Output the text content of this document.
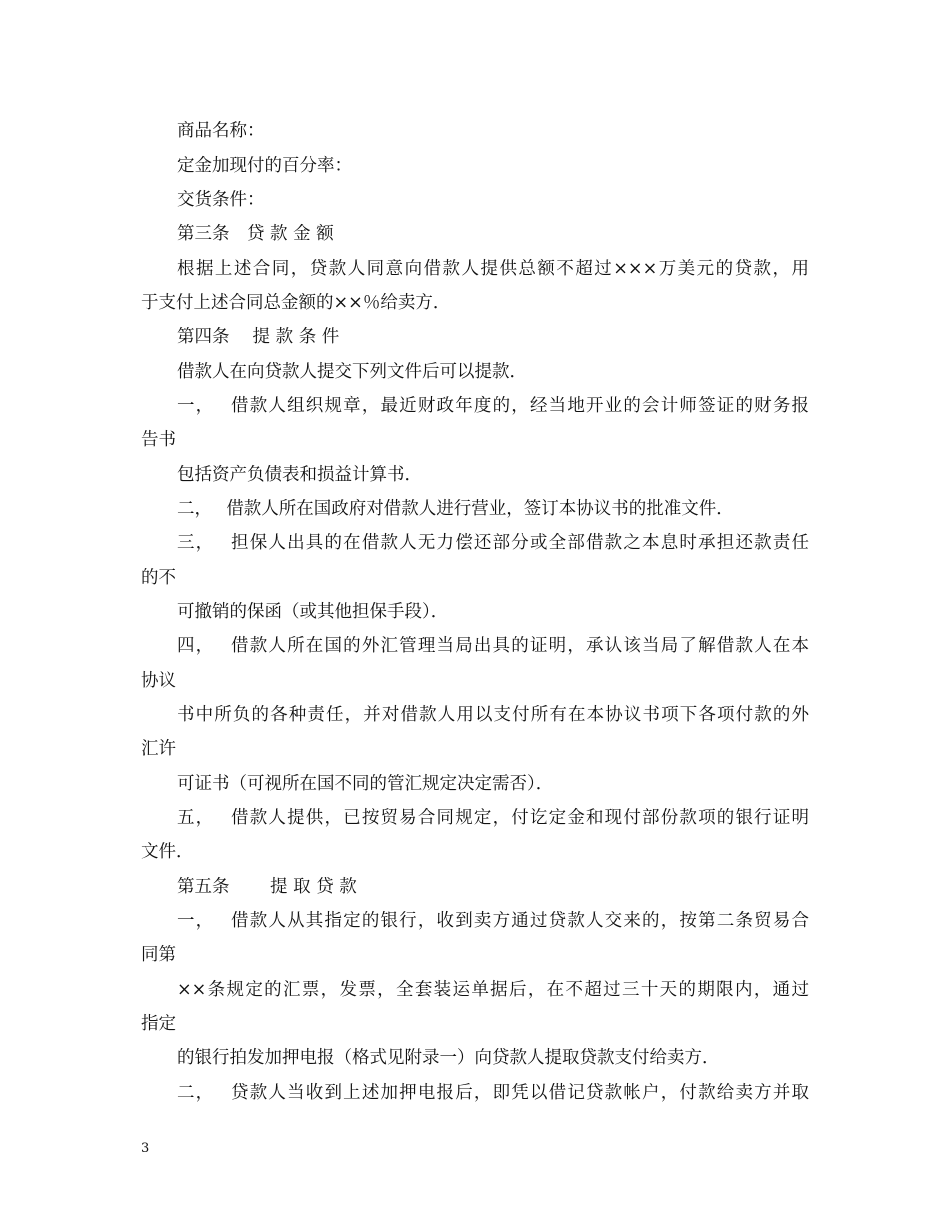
商品名称：

定金加现付的百分率：

交货条件：

第三条　贷 款 金 额

根据上述合同，贷款人同意向借款人提供总额不超过×××万美元的贷款，用

于支付上述合同总金额的××％给卖方．

第四条　 提 款 条 件

借款人在向贷款人提交下列文件后可以提款．

一，　 借款人组织规章，最近财政年度的，经当地开业的会计师签证的财务报

告书

包括资产负债表和损益计算书．

二，　 借款人所在国政府对借款人进行营业，签订本协议书的批准文件．

三，　 担保人出具的在借款人无力偿还部分或全部借款之本息时承担还款责任

的不

可撤销的保函（或其他担保手段）．

四，　 借款人所在国的外汇管理当局出具的证明，承认该当局了解借款人在本

协议

书中所负的各种责任，并对借款人用以支付所有在本协议书项下各项付款的外

汇许

可证书（可视所在国不同的管汇规定决定需否）．

五，　 借款人提供，已按贸易合同规定，付讫定金和现付部份款项的银行证明

文件．

第五条　　 提 取 贷 款

一，　 借款人从其指定的银行，收到卖方通过贷款人交来的，按第二条贸易合

同第

××条规定的汇票，发票，全套装运单据后，在不超过三十天的期限内，通过

指定

的银行拍发加押电报（格式见附录一）向贷款人提取贷款支付给卖方．

二，　 贷款人当收到上述加押电报后，即凭以借记贷款帐户，付款给卖方并取

3
